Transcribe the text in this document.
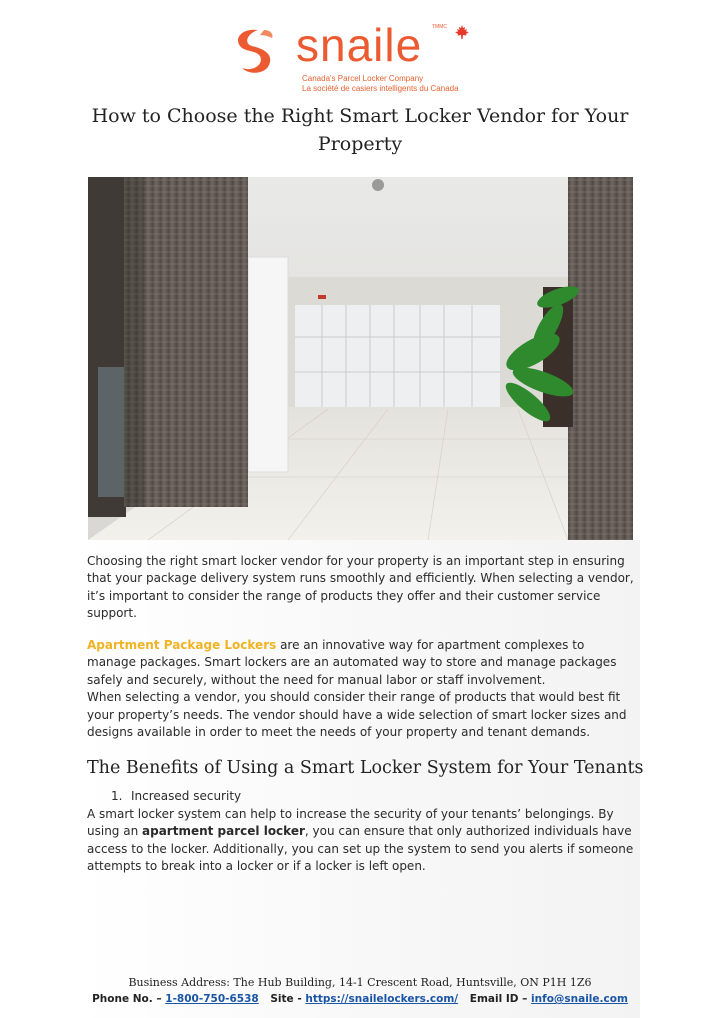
snaile TMMC
Canada's Parcel Locker Company
La société de casiers intelligents du Canada
How to Choose the Right Smart Locker Vendor for Your Property
Choosing the right smart locker vendor for your property is an important step in ensuring that your package delivery system runs smoothly and efficiently. When selecting a vendor, it’s important to consider the range of products they offer and their customer service support.
Apartment Package Lockers are an innovative way for apartment complexes to manage packages. Smart lockers are an automated way to store and manage packages safely and securely, without the need for manual labor or staff involvement.
When selecting a vendor, you should consider their range of products that would best fit your property’s needs. The vendor should have a wide selection of smart locker sizes and designs available in order to meet the needs of your property and tenant demands.
The Benefits of Using a Smart Locker System for Your Tenants
1. Increased security
A smart locker system can help to increase the security of your tenants’ belongings. By using an apartment parcel locker, you can ensure that only authorized individuals have access to the locker. Additionally, you can set up the system to send you alerts if someone attempts to break into a locker or if a locker is left open.
Business Address: The Hub Building, 14-1 Crescent Road, Huntsville, ON P1H 1Z6
Phone No. – 1-800-750-6538 Site - https://snailelockers.com/ Email ID – info@snaile.com
